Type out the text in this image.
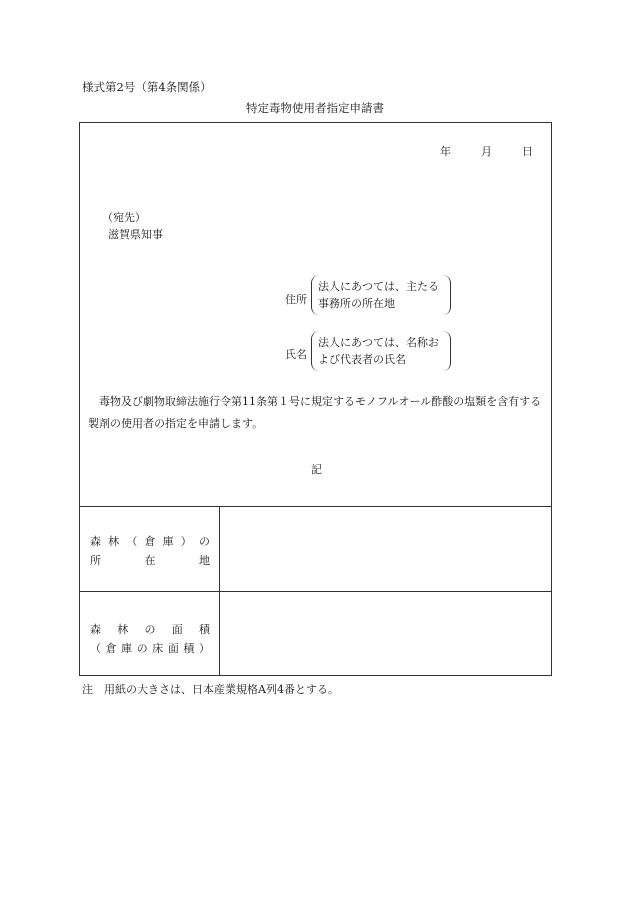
様式第2号（第4条関係）
特定毒物使用者指定申請書
年	月	日
（宛先）
滋賀県知事
住所
法人にあつては、主たる
事務所の所在地
氏名
法人にあつては、名称お
よび代表者の氏名
　毒物及び劇物取締法施行令第11条第１号に規定するモノフルオール酢酸の塩類を含有する製剤の使用者の指定を申請します。
記
森 林 （ 倉 庫 ） の
所	在	地
森 林 の 面 積
（ 倉 庫 の 床 面 積 ）
注　用紙の大きさは、日本産業規格A列4番とする。
